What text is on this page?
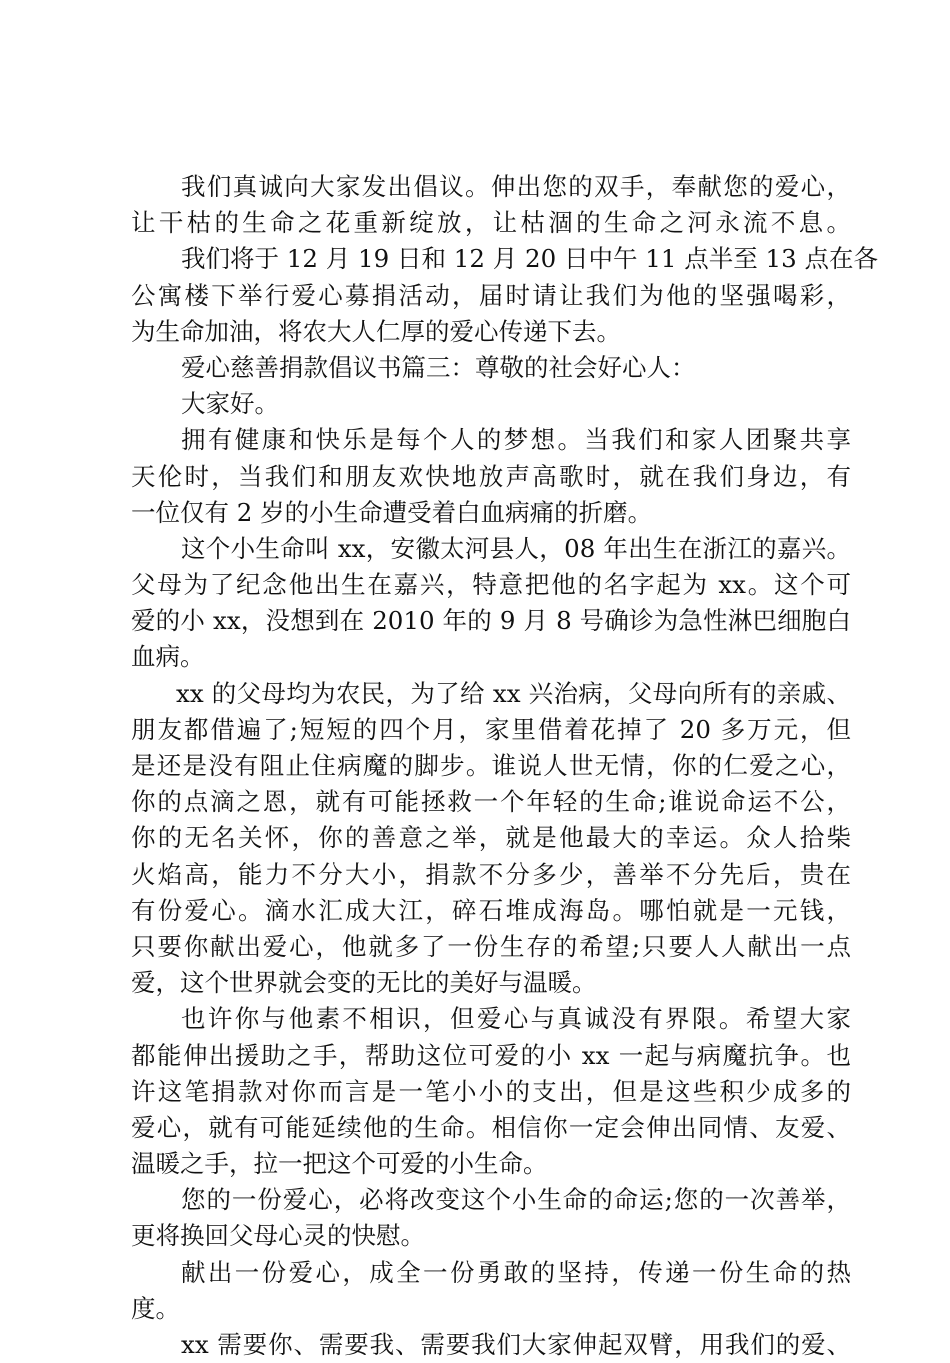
我们真诚向大家发出倡议。伸出您的双手，奉献您的爱心，
让干枯的生命之花重新绽放，让枯涸的生命之河永流不息。
我们将于 12 月 19 日和 12 月 20 日中午 11 点半至 13 点在各
公寓楼下举行爱心募捐活动，届时请让我们为他的坚强喝彩，
为生命加油，将农大人仁厚的爱心传递下去。
爱心慈善捐款倡议书篇三：尊敬的社会好心人：
大家好。
拥有健康和快乐是每个人的梦想。当我们和家人团聚共享
天伦时，当我们和朋友欢快地放声高歌时，就在我们身边，有
一位仅有 2 岁的小生命遭受着白血病痛的折磨。
这个小生命叫 xx，安徽太河县人，08 年出生在浙江的嘉兴。
父母为了纪念他出生在嘉兴，特意把他的名字起为 xx。这个可
爱的小 xx，没想到在 2010 年的 9 月 8 号确诊为急性淋巴细胞白
血病。
xx 的父母均为农民，为了给 xx 兴治病，父母向所有的亲戚、
朋友都借遍了;短短的四个月，家里借着花掉了 20 多万元，但
是还是没有阻止住病魔的脚步。谁说人世无情，你的仁爱之心，
你的点滴之恩，就有可能拯救一个年轻的生命;谁说命运不公，
你的无名关怀，你的善意之举，就是他最大的幸运。众人拾柴
火焰高，能力不分大小，捐款不分多少，善举不分先后，贵在
有份爱心。滴水汇成大江，碎石堆成海岛。哪怕就是一元钱，
只要你献出爱心，他就多了一份生存的希望;只要人人献出一点
爱，这个世界就会变的无比的美好与温暖。
也许你与他素不相识，但爱心与真诚没有界限。希望大家
都能伸出援助之手，帮助这位可爱的小 xx 一起与病魔抗争。也
许这笔捐款对你而言是一笔小小的支出，但是这些积少成多的
爱心，就有可能延续他的生命。相信你一定会伸出同情、友爱、
温暖之手，拉一把这个可爱的小生命。
您的一份爱心，必将改变这个小生命的命运;您的一次善举，
更将换回父母心灵的快慰。
献出一份爱心，成全一份勇敢的坚持，传递一份生命的热
度。
xx 需要你、需要我、需要我们大家伸起双臂，用我们的爱、
